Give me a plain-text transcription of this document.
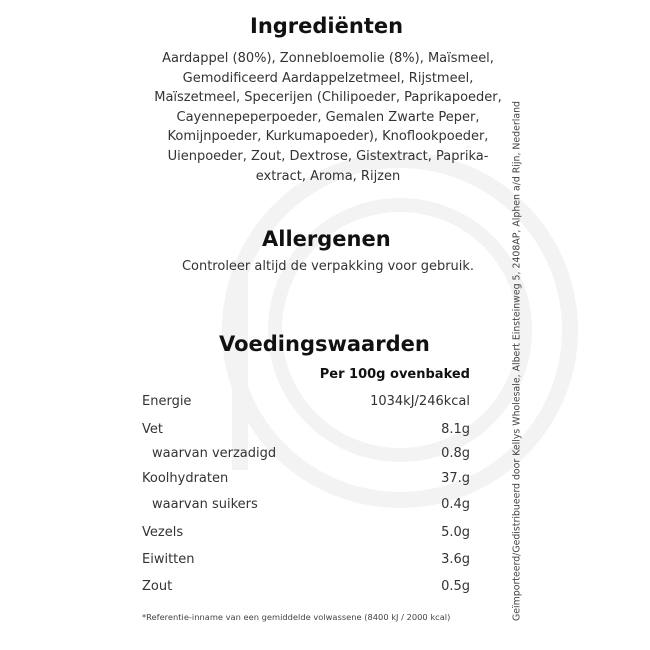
Ingrediënten
Aardappel (80%), Zonnebloemolie (8%), Maïsmeel,
Gemodificeerd Aardappelzetmeel, Rijstmeel,
Maïszetmeel, Specerijen (Chilipoeder, Paprikapoeder,
Cayennepeperpoeder, Gemalen Zwarte Peper,
Komijnpoeder, Kurkumapoeder), Knoflookpoeder,
Uienpoeder, Zout, Dextrose, Gistextract, Paprika-
extract, Aroma, Rijzen
Allergenen
Controleer altijd de verpakking voor gebruik.
Voedingswaarden
Per 100g ovenbaked
Energie	1034kJ/246kcal
Vet	8.1g
waarvan verzadigd	0.8g
Koolhydraten	37.g
waarvan suikers	0.4g
Vezels	5.0g
Eiwitten	3.6g
Zout	0.5g
*Referentie-inname van een gemiddelde volwassene (8400 kJ / 2000 kcal)	Geïmporteerd/Gedistribueerd door Kellys Wholesale, Albert Einsteinweg 5, 2408AP, Alphen a/d Rijn, Nederland
